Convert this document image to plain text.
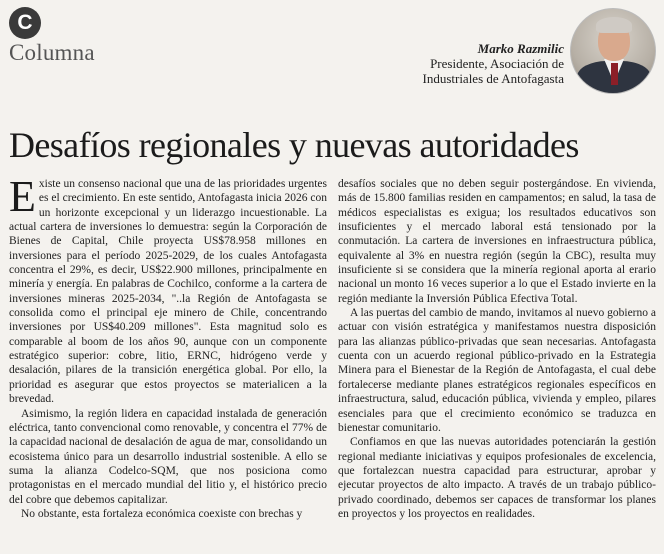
C
Columna	Marko Razmilic
Presidente, Asociación de
Industriales de Antofagasta
Desafíos regionales y nuevas autoridades

Existe un consenso nacional que una de las prioridades urgentes es el crecimiento. En este sentido, Antofagasta inicia 2026 con un horizonte excepcional y un liderazgo incuestionable. La actual cartera de inversiones lo demuestra: según la Corporación de Bienes de Capital, Chile proyecta US$78.958 millones en inversiones para el período 2025-2029, de los cuales Antofagasta concentra el 29%, es decir, US$22.900 millones, principalmente en minería y energía. En palabras de Cochilco, conforme a la cartera de inversiones mineras 2025-2034, "..la Región de Antofagasta se consolida como el principal eje minero de Chile, concentrando inversiones por US$40.209 millones". Esta magnitud solo es comparable al boom de los años 90, aunque con un componente estratégico superior: cobre, litio, ERNC, hidrógeno verde y desalación, pilares de la transición energética global. Por ello, la prioridad es asegurar que estos proyectos se materialicen a la brevedad.

Asimismo, la región lidera en capacidad instalada de generación eléctrica, tanto convencional como renovable, y concentra el 77% de la capacidad nacional de desalación de agua de mar, consolidando un ecosistema único para un desarrollo industrial sostenible. A ello se suma la alianza Codelco-SQM, que nos posiciona como protagonistas en el mercado mundial del litio y, el histórico precio del cobre que debemos capitalizar.

No obstante, esta fortaleza económica coexiste con brechas y

desafíos sociales que no deben seguir postergándose. En vivienda, más de 15.800 familias residen en campamentos; en salud, la tasa de médicos especialistas es exigua; los resultados educativos son insuficientes y el mercado laboral está tensionado por la conmutación. La cartera de inversiones en infraestructura pública, equivalente al 3% en nuestra región (según la CBC), resulta muy insuficiente si se considera que la minería regional aporta al erario nacional un monto 16 veces superior a lo que el Estado invierte en la región mediante la Inversión Pública Efectiva Total.

A las puertas del cambio de mando, invitamos al nuevo gobierno a actuar con visión estratégica y manifestamos nuestra disposición para las alianzas público-privadas que sean necesarias. Antofagasta cuenta con un acuerdo regional público-privado en la Estrategia Minera para el Bienestar de la Región de Antofagasta, el cual debe fortalecerse mediante planes estratégicos regionales específicos en infraestructura, salud, educación pública, vivienda y empleo, pilares esenciales para que el crecimiento económico se traduzca en bienestar comunitario.

Confiamos en que las nuevas autoridades potenciarán la gestión regional mediante iniciativas y equipos profesionales de excelencia, que fortalezcan nuestra capacidad para estructurar, aprobar y ejecutar proyectos de alto impacto. A través de un trabajo público-privado coordinado, debemos ser capaces de transformar los planes en proyectos y los proyectos en realidades.
